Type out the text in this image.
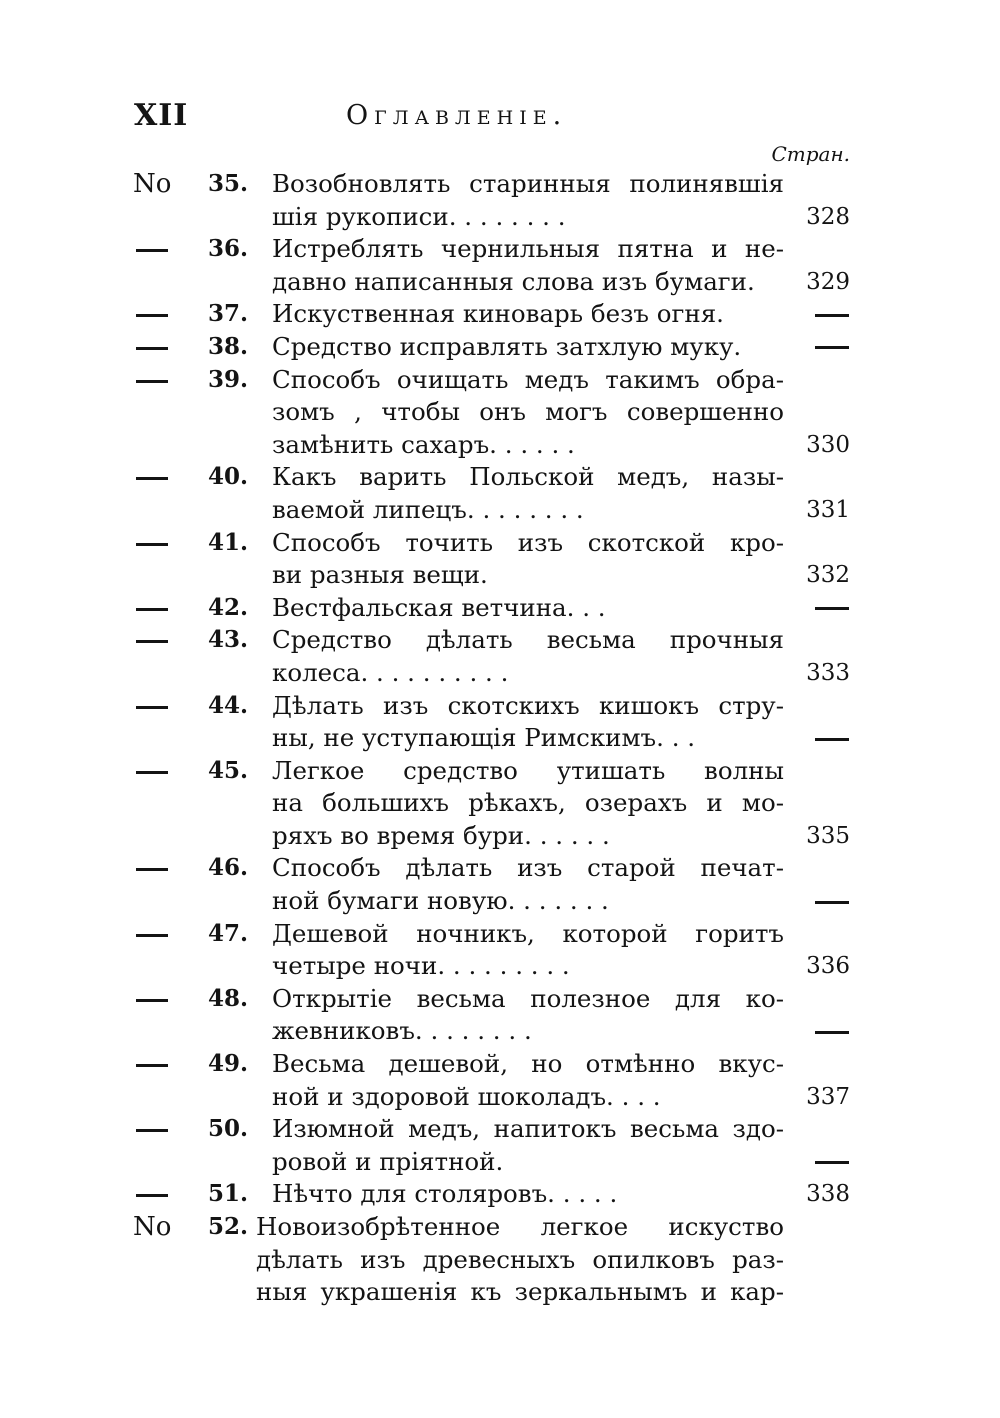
XII	Оглавленiе.
Стран.
No	35. Возобновлять старинныя полинявшiя
шiя рукописи. . . . . . . .	328
36. Истреблять чернильныя пятна и не-
давно написанныя слова изъ бумаги.	329
37. Искуственная киноварь безъ огня.
38. Средство исправлять затхлую муку.
39. Способъ очищать медъ такимъ обра-
зомъ , чтобы онъ могъ совершенно
замѣнить сахаръ. . . . . .	330
40. Какъ варить Польской медъ, назы-
ваемой липецъ. . . . . . . .	331
41. Способъ точить изъ скотской кро-
ви разныя вещи.	332
42. Вестфальская ветчина. . .
43. Средство дѣлать весьма прочныя
колеса. . . . . . . . . .	333
44. Дѣлать изъ скотскихъ кишокъ стру-
ны, не уступающiя Римскимъ. . .
45. Легкое средство утишать волны
на большихъ рѣкахъ, озерахъ и мо-
ряхъ во время бури. . . . . .	335
46. Способъ дѣлать изъ старой печат-
ной бумаги новую. . . . . . .
47. Дешевой ночникъ, которой горитъ
четыре ночи. . . . . . . . .	336
48. Открытiе весьма полезное для ко-
жевниковъ. . . . . . . .
49. Весьма дешевой, но отмѣнно вкус-
ной и здоровой шоколадъ. . . .	337
50. Изюмной медъ, напитокъ весьма здо-
ровой и прiятной.
51. Нѣчто для столяровъ. . . . .	338
No	52. Новоизобрѣтенное легкое искуство
дѣлать изъ древесныхъ опилковъ раз-
ныя украшенiя къ зеркальнымъ и кар-
